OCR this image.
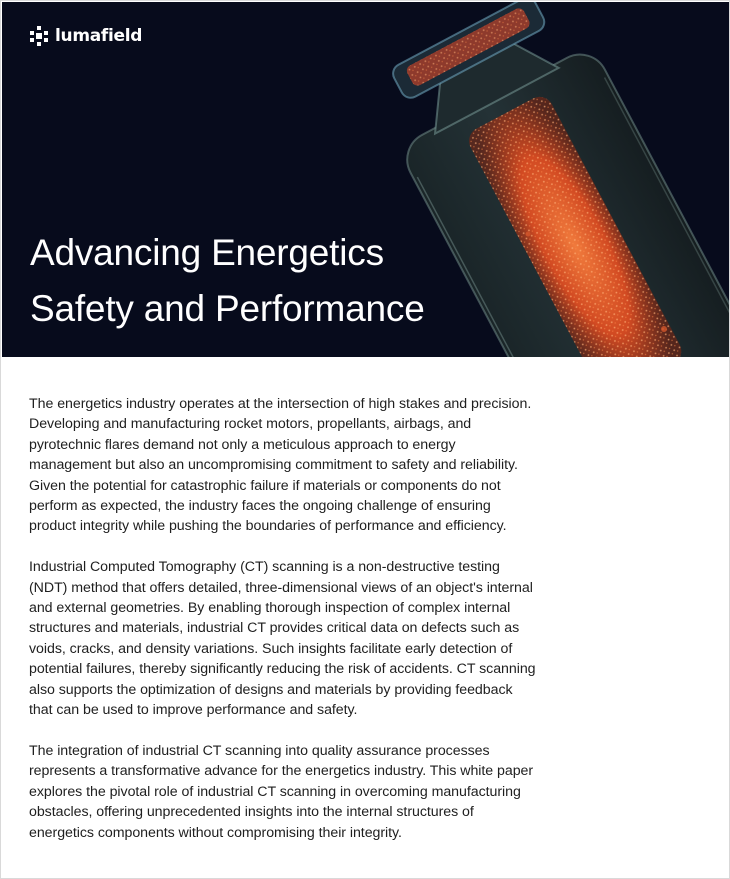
lumafield
Advancing Energetics
Safety and Performance

The energetics industry operates at the intersection of high stakes and precision. Developing and manufacturing rocket motors, propellants, airbags, and pyrotechnic flares demand not only a meticulous approach to energy management but also an uncompromising commitment to safety and reliability. Given the potential for catastrophic failure if materials or components do not perform as expected, the industry faces the ongoing challenge of ensuring product integrity while pushing the boundaries of performance and efficiency.

Industrial Computed Tomography (CT) scanning is a non-destructive testing (NDT) method that offers detailed, three-dimensional views of an object's internal and external geometries. By enabling thorough inspection of complex internal structures and materials, industrial CT provides critical data on defects such as voids, cracks, and density variations. Such insights facilitate early detection of potential failures, thereby significantly reducing the risk of accidents. CT scanning also supports the optimization of designs and materials by providing feedback that can be used to improve performance and safety.

The integration of industrial CT scanning into quality assurance processes represents a transformative advance for the energetics industry. This white paper explores the pivotal role of industrial CT scanning in overcoming manufacturing obstacles, offering unprecedented insights into the internal structures of energetics components without compromising their integrity.
